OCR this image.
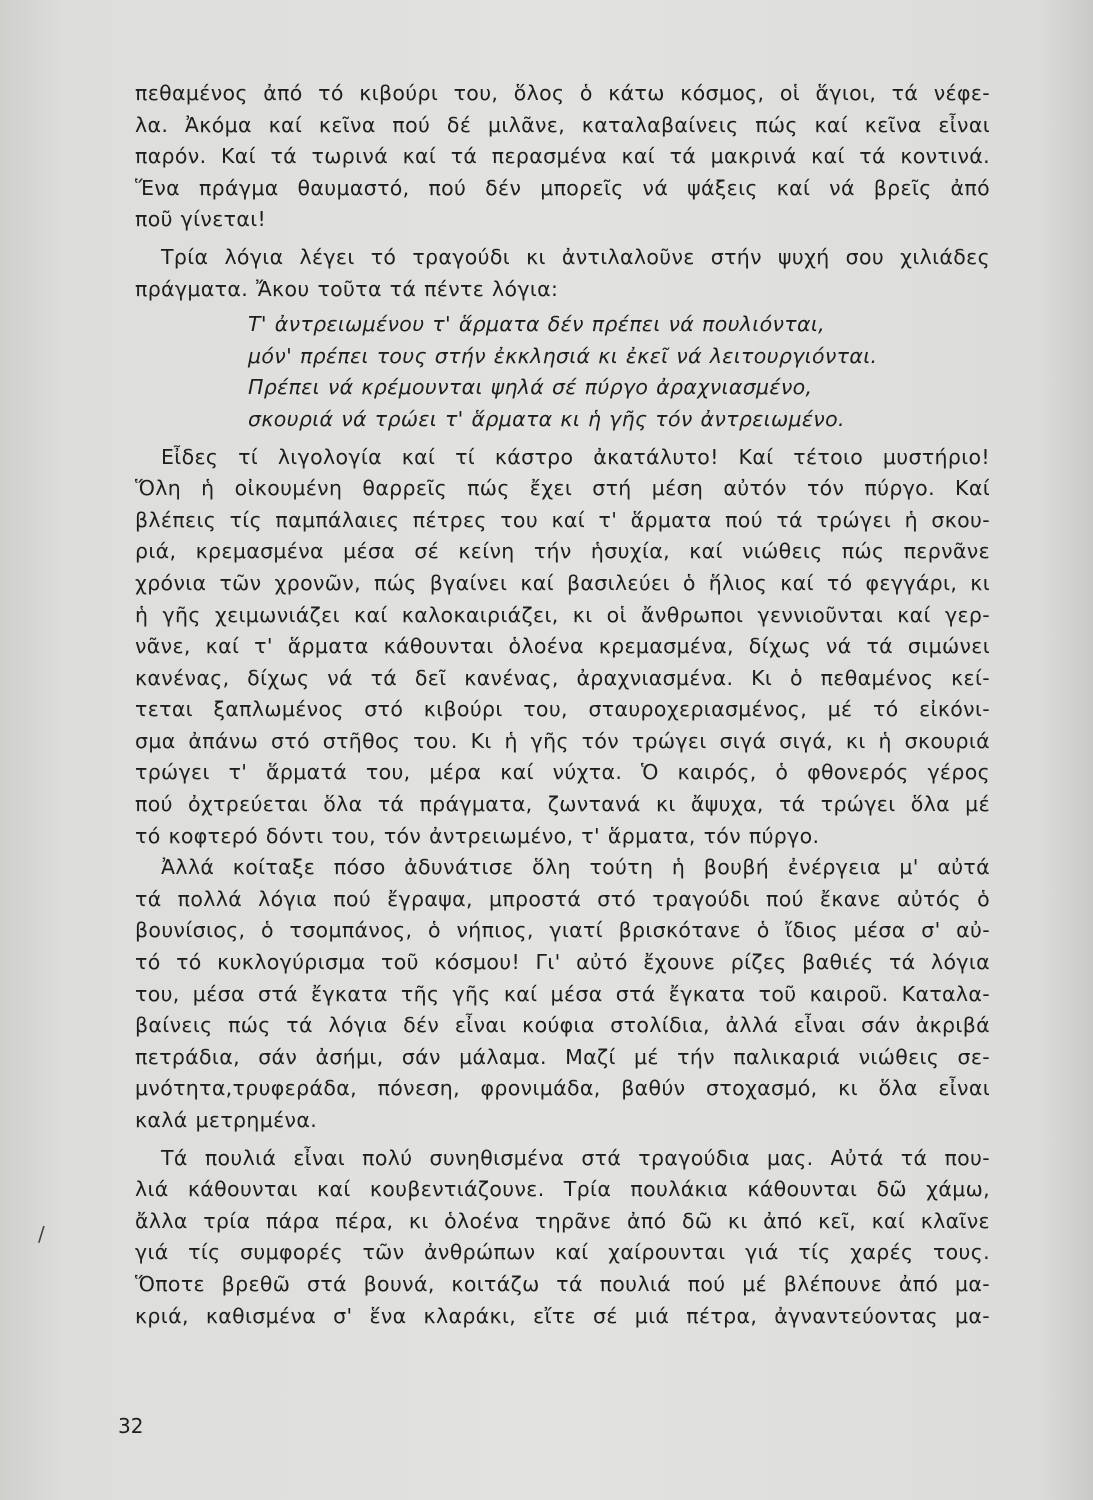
πεθαμένος ἀπό τό κιβούρι του, ὅλος ὁ κάτω κόσμος, οἱ ἅγιοι, τά νέφε-
λα. Ἀκόμα καί κεῖνα πού δέ μιλᾶνε, καταλαβαίνεις πώς καί κεῖνα εἶναι
παρόν. Καί τά τωρινά καί τά περασμένα καί τά μακρινά καί τά κοντινά.
Ἕνα πράγμα θαυμαστό, πού δέν μπορεῖς νά ψάξεις καί νά βρεῖς ἀπό
ποῦ γίνεται!
Τρία λόγια λέγει τό τραγούδι κι ἀντιλαλοῦνε στήν ψυχή σου χιλιάδες
πράγματα. Ἄκου τοῦτα τά πέντε λόγια:
Τ' ἀντρειωμένου τ' ἅρματα δέν πρέπει νά πουλιόνται,
μόν' πρέπει τους στήν ἐκκλησιά κι ἐκεῖ νά λειτουργιόνται.
Πρέπει νά κρέμουνται ψηλά σέ πύργο ἀραχνιασμένο,
σκουριά νά τρώει τ' ἅρματα κι ἡ γῆς τόν ἀντρειωμένο.
Εἶδες τί λιγολογία καί τί κάστρο ἀκατάλυτο! Καί τέτοιο μυστήριο!
Ὅλη ἡ οἰκουμένη θαρρεῖς πώς ἔχει στή μέση αὐτόν τόν πύργο. Καί
βλέπεις τίς παμπάλαιες πέτρες του καί τ' ἅρματα πού τά τρώγει ἡ σκου-
ριά, κρεμασμένα μέσα σέ κείνη τήν ἡσυχία, καί νιώθεις πώς περνᾶνε
χρόνια τῶν χρονῶν, πώς βγαίνει καί βασιλεύει ὁ ἥλιος καί τό φεγγάρι, κι
ἡ γῆς χειμωνιάζει καί καλοκαιριάζει, κι οἱ ἄνθρωποι γεννιοῦνται καί γερ-
νᾶνε, καί τ' ἅρματα κάθουνται ὁλοένα κρεμασμένα, δίχως νά τά σιμώνει
κανένας, δίχως νά τά δεῖ κανένας, ἀραχνιασμένα. Κι ὁ πεθαμένος κεί-
τεται ξαπλωμένος στό κιβούρι του, σταυροχεριασμένος, μέ τό εἰκόνι-
σμα ἀπάνω στό στῆθος του. Κι ἡ γῆς τόν τρώγει σιγά σιγά, κι ἡ σκουριά
τρώγει τ' ἅρματά του, μέρα καί νύχτα. Ὁ καιρός, ὁ φθονερός γέρος
πού ὀχτρεύεται ὅλα τά πράγματα, ζωντανά κι ἄψυχα, τά τρώγει ὅλα μέ
τό κοφτερό δόντι του, τόν ἀντρειωμένο, τ' ἅρματα, τόν πύργο.
Ἀλλά κοίταξε πόσο ἀδυνάτισε ὅλη τούτη ἡ βουβή ἐνέργεια μ' αὐτά
τά πολλά λόγια πού ἔγραψα, μπροστά στό τραγούδι πού ἔκανε αὐτός ὁ
βουνίσιος, ὁ τσομπάνος, ὁ νήπιος, γιατί βρισκότανε ὁ ἴδιος μέσα σ' αὐ-
τό τό κυκλογύρισμα τοῦ κόσμου! Γι' αὐτό ἔχουνε ρίζες βαθιές τά λόγια
του, μέσα στά ἔγκατα τῆς γῆς καί μέσα στά ἔγκατα τοῦ καιροῦ. Καταλα-
βαίνεις πώς τά λόγια δέν εἶναι κούφια στολίδια, ἀλλά εἶναι σάν ἀκριβά
πετράδια, σάν ἀσήμι, σάν μάλαμα. Μαζί μέ τήν παλικαριά νιώθεις σε-
μνότητα,τρυφεράδα, πόνεση, φρονιμάδα, βαθύν στοχασμό, κι ὅλα εἶναι
καλά μετρημένα.
Τά πουλιά εἶναι πολύ συνηθισμένα στά τραγούδια μας. Αὐτά τά που-
λιά κάθουνται καί κουβεντιάζουνε. Τρία πουλάκια κάθουνται δῶ χάμω,
ἄλλα τρία πάρα πέρα, κι ὁλοένα τηρᾶνε ἀπό δῶ κι ἀπό κεῖ, καί κλαῖνε
γιά τίς συμφορές τῶν ἀνθρώπων καί χαίρουνται γιά τίς χαρές τους.
Ὅποτε βρεθῶ στά βουνά, κοιτάζω τά πουλιά πού μέ βλέπουνε ἀπό μα-
κριά, καθισμένα σ' ἕνα κλαράκι, εἴτε σέ μιά πέτρα, ἀγναντεύοντας μα-
/
32
